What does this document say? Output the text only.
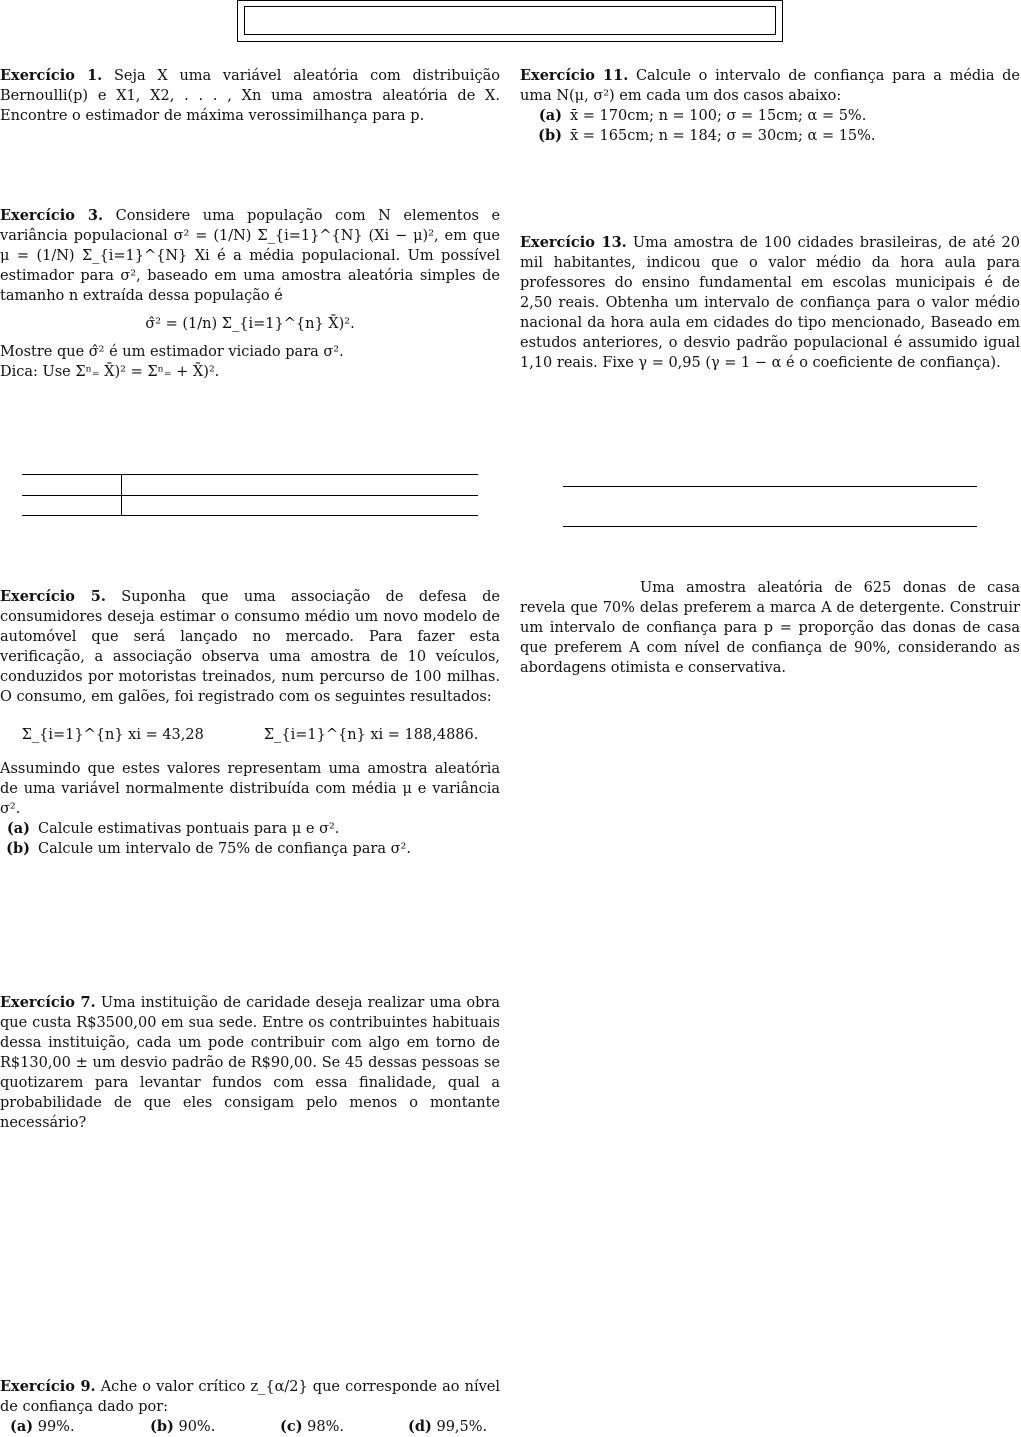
Exercício 1. Seja X uma variável aleatória com distribuição Bernoulli(p) e X1, X2, . . . , Xn uma amostra aleatória de X. Encontre o estimador de máxima verossimilhança para p.

Exercício 3. Considere uma população com N elementos e variância populacional σ² = (1/N) Σ_{i=1}^{N} (Xi − μ)², em que μ = (1/N) Σ_{i=1}^{N} Xi é a média populacional. Um possível estimador para σ², baseado em uma amostra aleatória simples de tamanho n extraída dessa população é

σ̂² = (1/n) Σ_{i=1}^{n} X̄)².

Mostre que σ̂² é um estimador viciado para σ².

Dica: Use Σⁿ₌ X̄)² = Σⁿ₌ + X̄)².

Exercício 5. Suponha que uma associação de defesa de consumidores deseja estimar o consumo médio um novo modelo de automóvel que será lançado no mercado. Para fazer esta verificação, a associação observa uma amostra de 10 veículos, conduzidos por motoristas treinados, num percurso de 100 milhas. O consumo, em galões, foi registrado com os seguintes resultados:

Σ_{i=1}^{n} xi = 43,28	Σ_{i=1}^{n} xi = 188,4886.

Assumindo que estes valores representam uma amostra aleatória de uma variável normalmente distribuída com média μ e variância σ².

(a) Calcule estimativas pontuais para μ e σ².
(b) Calcule um intervalo de 75% de confiança para σ².

Exercício 7. Uma instituição de caridade deseja realizar uma obra que custa R$3500,00 em sua sede. Entre os contribuintes habituais dessa instituição, cada um pode contribuir com algo em torno de R$130,00 ± um desvio padrão de R$90,00. Se 45 dessas pessoas se quotizarem para levantar fundos com essa finalidade, qual a probabilidade de que eles consigam pelo menos o montante necessário?

Exercício 9. Ache o valor crítico z_{α/2} que corresponde ao nível de confiança dado por:

(a) 99%.	(b) 90%.	(c) 98%.	(d) 99,5%.

Exercício 11. Calcule o intervalo de confiança para a média de uma N(μ, σ²) em cada um dos casos abaixo:

(a) x̄ = 170cm; n = 100; σ = 15cm; α = 5%.
(b) x̄ = 165cm; n = 184; σ = 30cm; α = 15%.

Exercício 13. Uma amostra de 100 cidades brasileiras, de até 20 mil habitantes, indicou que o valor médio da hora aula para professores do ensino fundamental em escolas municipais é de 2,50 reais. Obtenha um intervalo de confiança para o valor médio nacional da hora aula em cidades do tipo mencionado, Baseado em estudos anteriores, o desvio padrão populacional é assumido igual 1,10 reais. Fixe γ = 0,95 (γ = 1 − α é o coeficiente de confiança).

Uma amostra aleatória de 625 donas de casa revela que 70% delas preferem a marca A de detergente. Construir um intervalo de confiança para p = proporção das donas de casa que preferem A com nível de confiança de 90%, considerando as abordagens otimista e conservativa.
